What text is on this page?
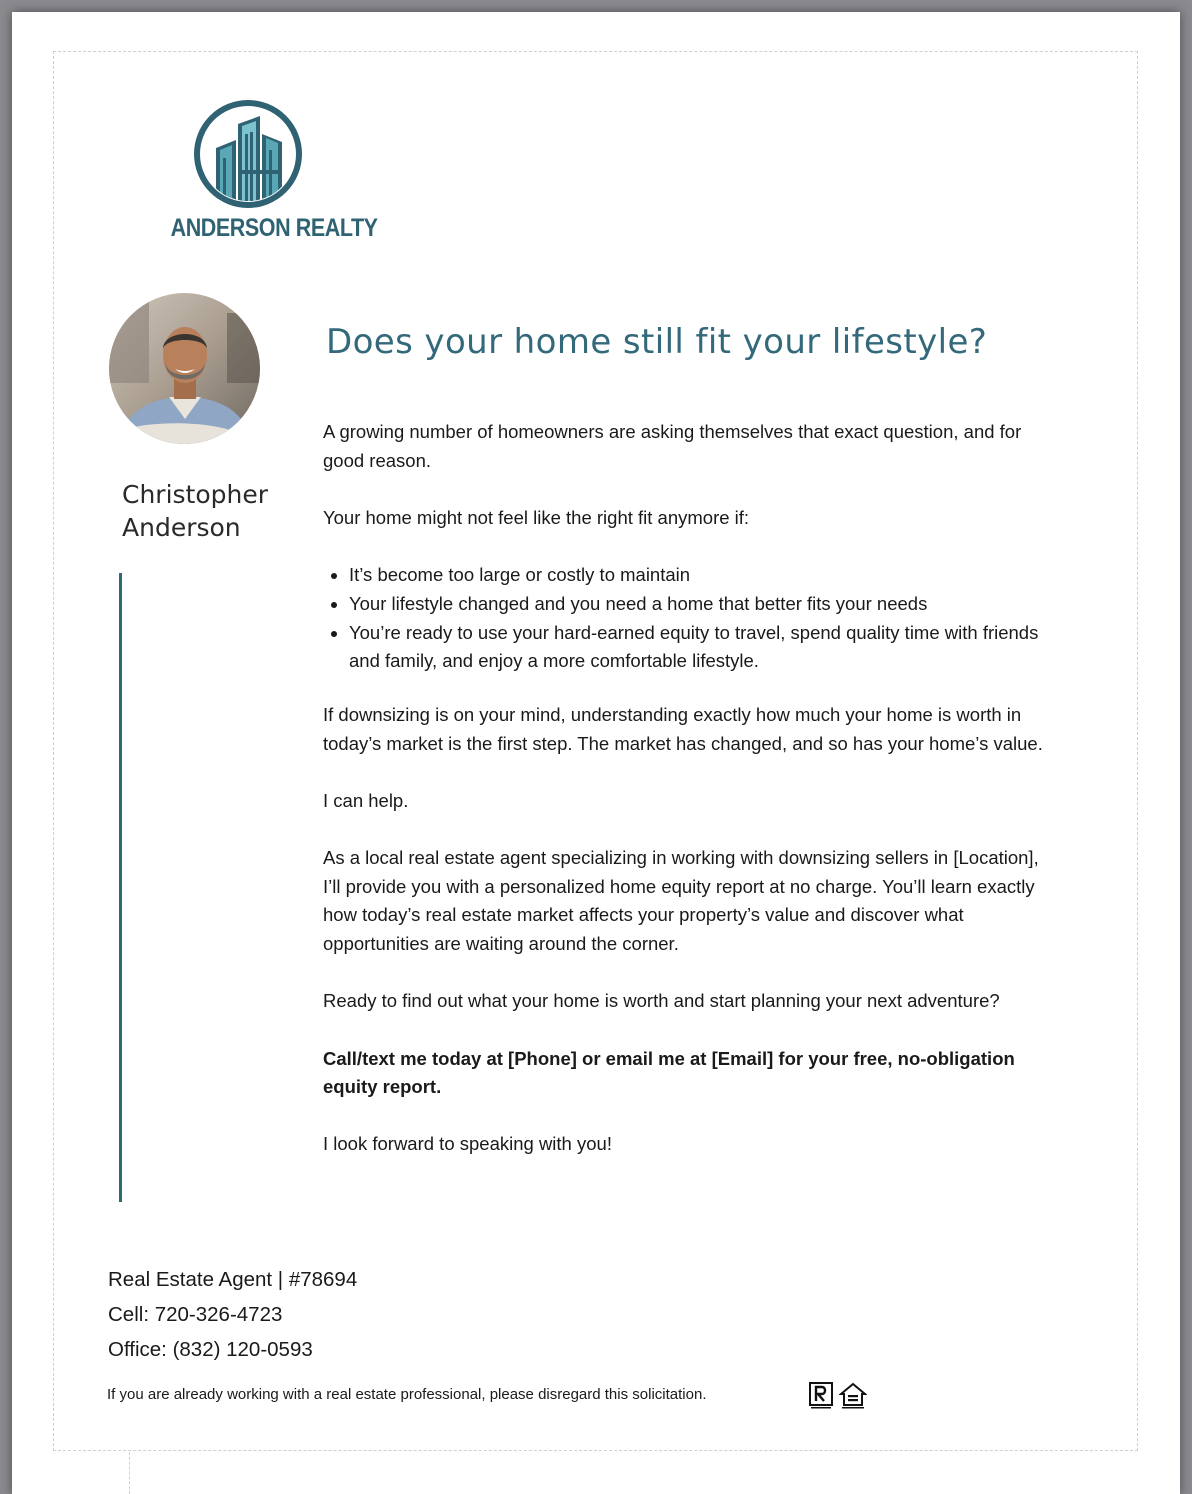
ANDERSON REALTY
Christopher
Anderson
Does your home still fit your lifestyle?

A growing number of homeowners are asking themselves that exact question, and for good reason.

Your home might not feel like the right fit anymore if:

• It’s become too large or costly to maintain
• Your lifestyle changed and you need a home that better fits your needs
• You’re ready to use your hard-earned equity to travel, spend quality time with friends and family, and enjoy a more comfortable lifestyle.

If downsizing is on your mind, understanding exactly how much your home is worth in today’s market is the first step. The market has changed, and so has your home’s value.

I can help.

As a local real estate agent specializing in working with downsizing sellers in [Location], I’ll provide you with a personalized home equity report at no charge. You’ll learn exactly how today’s real estate market affects your property’s value and discover what opportunities are waiting around the corner.

Ready to find out what your home is worth and start planning your next adventure?

Call/text me today at [Phone] or email me at [Email] for your free, no-obligation equity report.

I look forward to speaking with you!

Real Estate Agent | #78694
Cell: 720-326-4723
Office: (832) 120-0593
If you are already working with a real estate professional, please disregard this solicitation.
